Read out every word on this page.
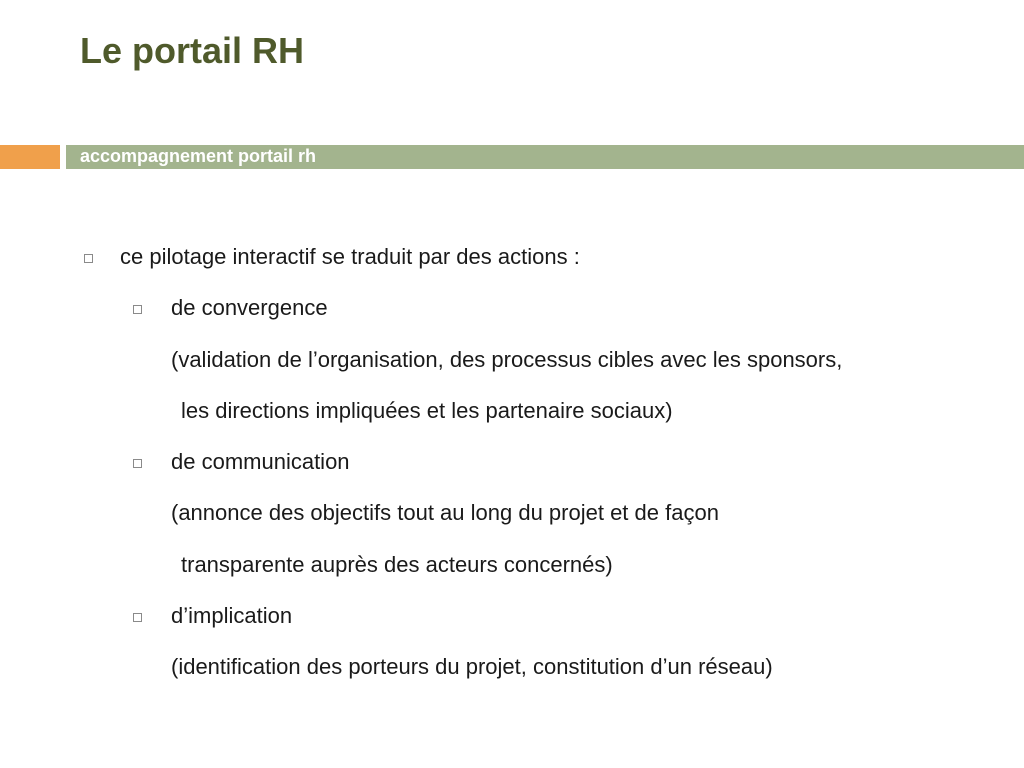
Le portail RH
accompagnement portail rh
ce pilotage interactif se traduit par des actions :
de convergence
(validation de l’organisation, des processus cibles avec les sponsors,
les directions impliquées et les partenaire sociaux)
de communication
(annonce des objectifs tout au long du projet et de façon
transparente auprès des acteurs concernés)
d’implication
(identification des porteurs du projet, constitution d’un réseau)
